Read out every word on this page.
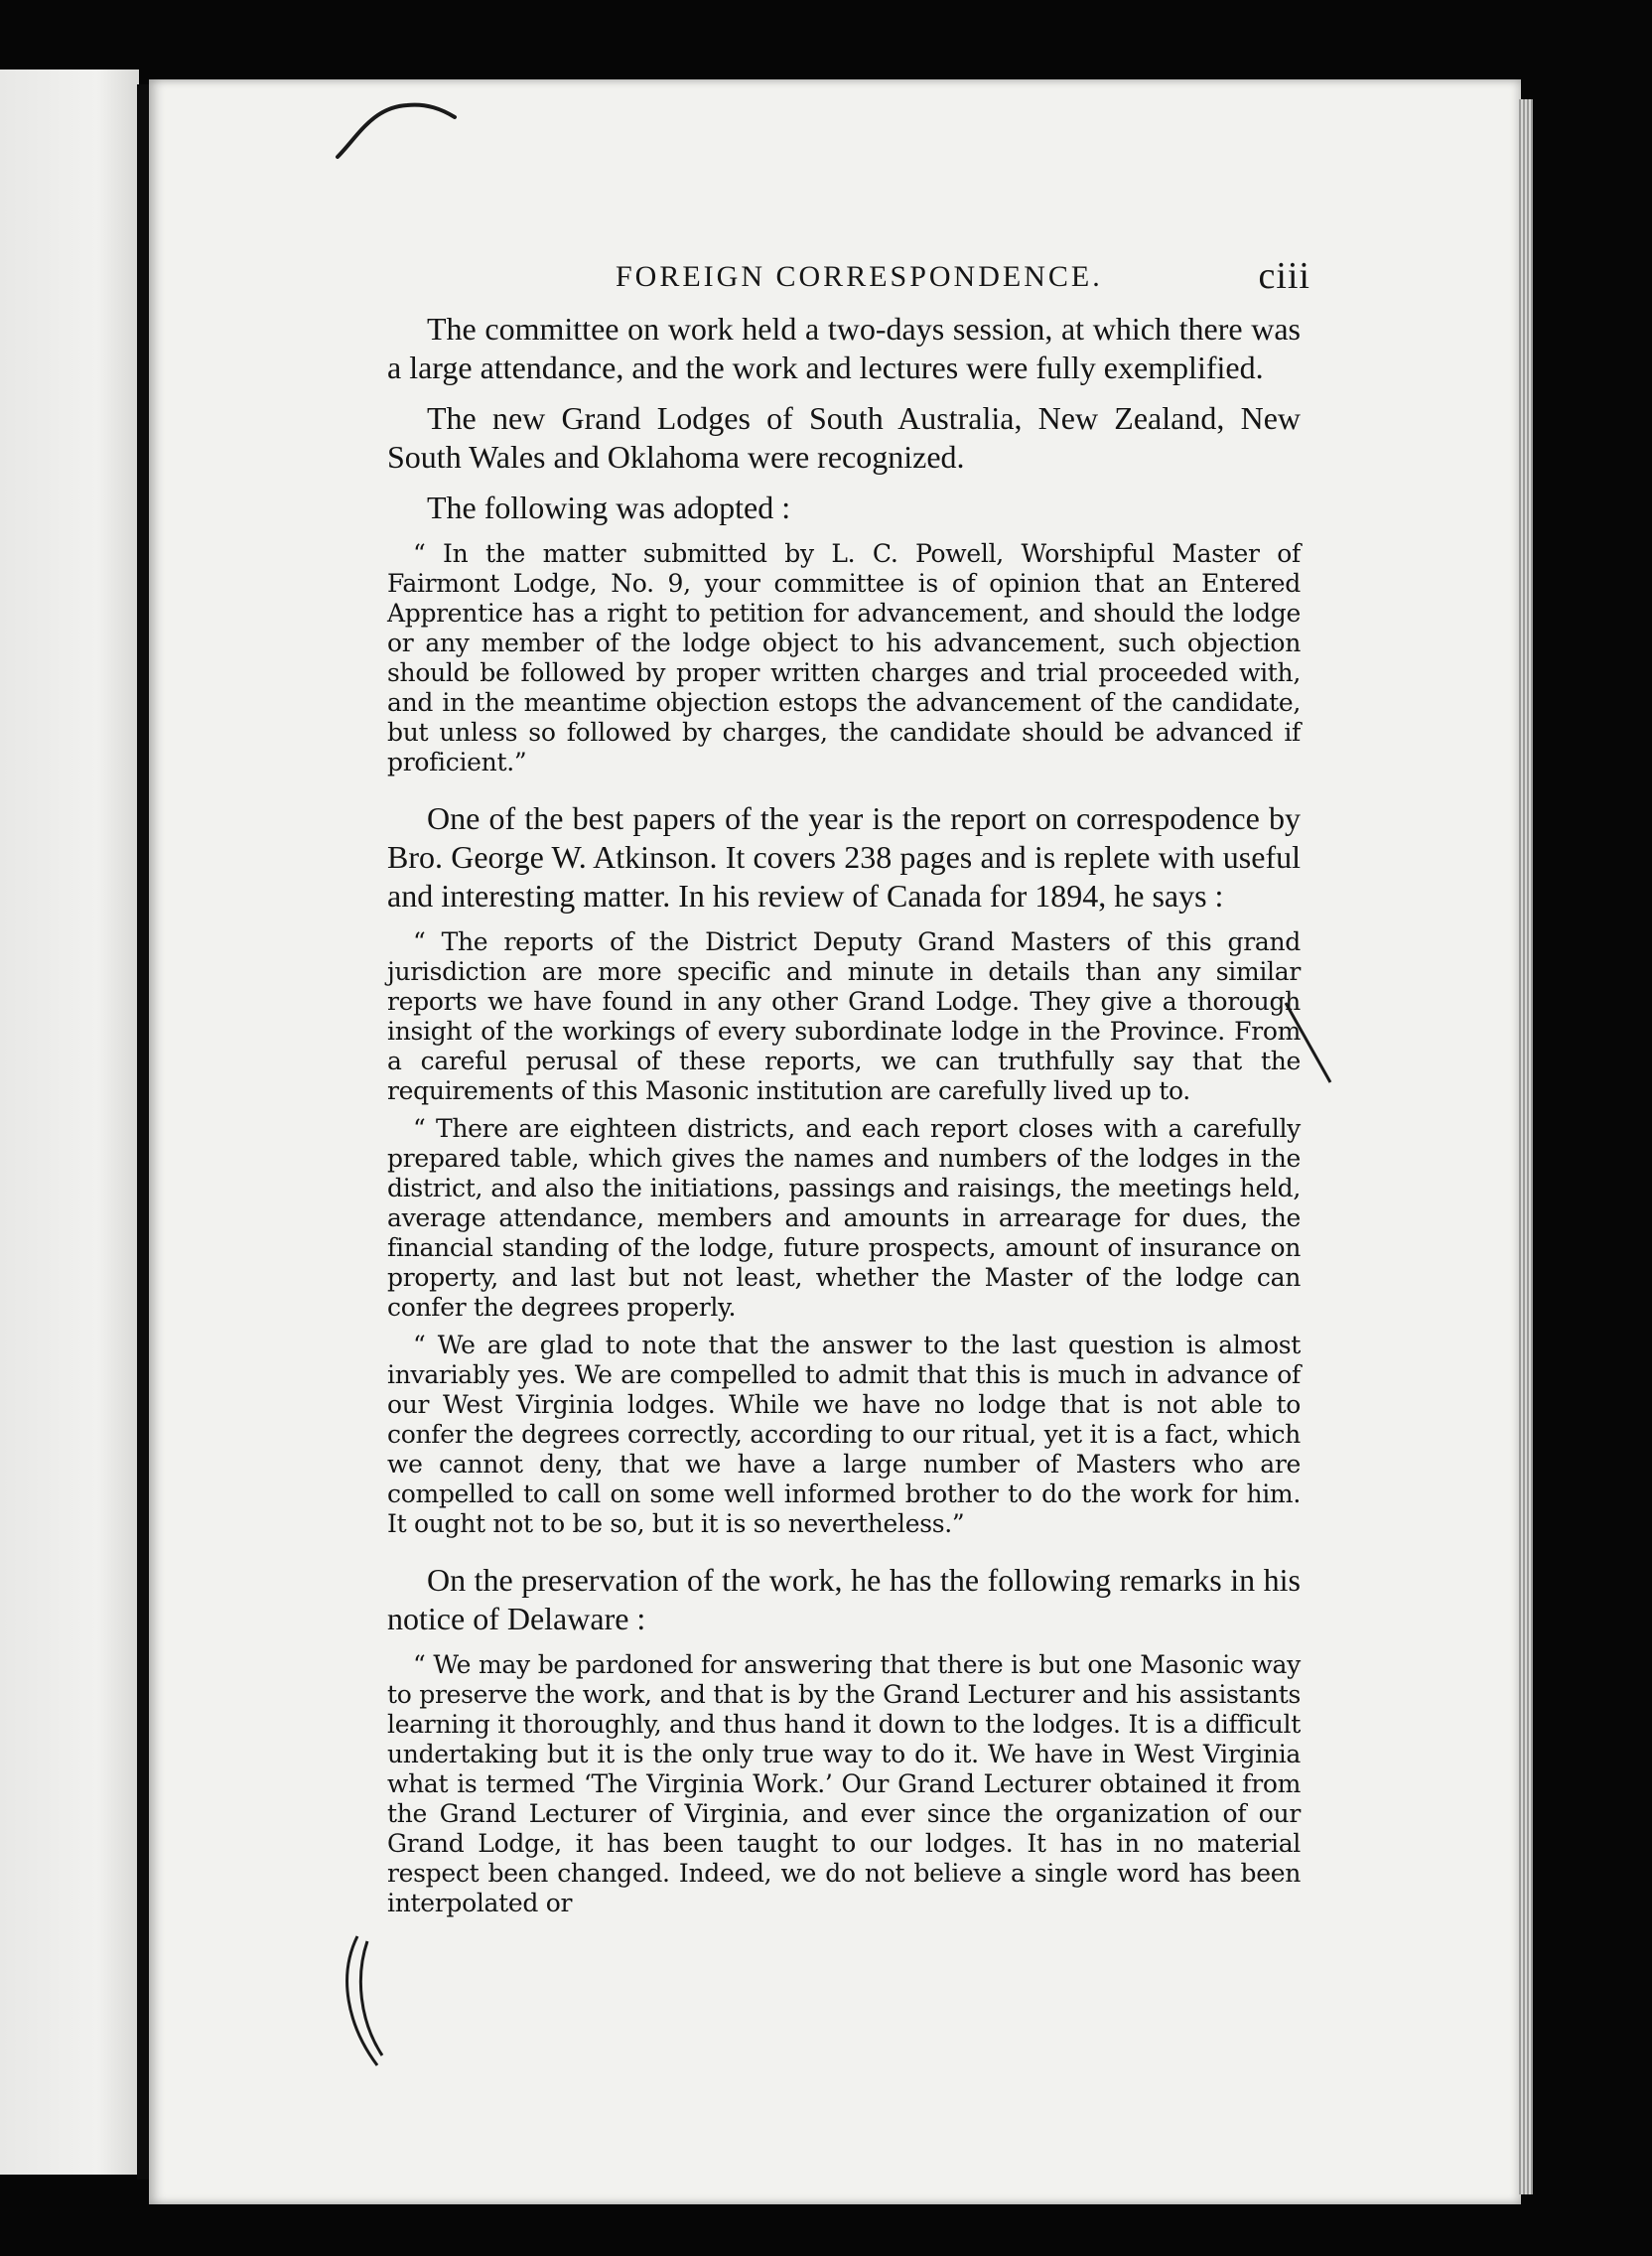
FOREIGN CORRESPONDENCE.	ciii

The committee on work held a two-days session, at which there was a large attendance, and the work and lectures were fully exemplified.

The new Grand Lodges of South Australia, New Zealand, New South Wales and Oklahoma were recognized.

The following was adopted :

“ In the matter submitted by L. C. Powell, Worshipful Master of Fairmont Lodge, No. 9, your committee is of opinion that an Entered Apprentice has a right to petition for advancement, and should the lodge or any member of the lodge object to his advancement, such objection should be followed by proper written charges and trial proceeded with, and in the meantime objection estops the advancement of the candidate, but unless so followed by charges, the candidate should be advanced if proficient.”

One of the best papers of the year is the report on correspodence by Bro. George W. Atkinson. It covers 238 pages and is replete with useful and interesting matter. In his review of Canada for 1894, he says :

“ The reports of the District Deputy Grand Masters of this grand jurisdiction are more specific and minute in details than any similar reports we have found in any other Grand Lodge. They give a thorough insight of the workings of every subordinate lodge in the Province. From a careful perusal of these reports, we can truthfully say that the requirements of this Masonic institution are carefully lived up to.

“ There are eighteen districts, and each report closes with a carefully prepared table, which gives the names and numbers of the lodges in the district, and also the initiations, passings and raisings, the meetings held, average attendance, members and amounts in arrearage for dues, the financial standing of the lodge, future prospects, amount of insurance on property, and last but not least, whether the Master of the lodge can confer the degrees properly.

“ We are glad to note that the answer to the last question is almost invariably yes. We are compelled to admit that this is much in advance of our West Virginia lodges. While we have no lodge that is not able to confer the degrees correctly, according to our ritual, yet it is a fact, which we cannot deny, that we have a large number of Masters who are compelled to call on some well informed brother to do the work for him. It ought not to be so, but it is so nevertheless.”

On the preservation of the work, he has the following remarks in his notice of Delaware :

“ We may be pardoned for answering that there is but one Masonic way to preserve the work, and that is by the Grand Lecturer and his assistants learning it thoroughly, and thus hand it down to the lodges. It is a difficult undertaking but it is the only true way to do it. We have in West Virginia what is termed ‘The Virginia Work.’ Our Grand Lecturer obtained it from the Grand Lecturer of Virginia, and ever since the organization of our Grand Lodge, it has been taught to our lodges. It has in no material respect been changed. Indeed, we do not believe a single word has been interpolated or
